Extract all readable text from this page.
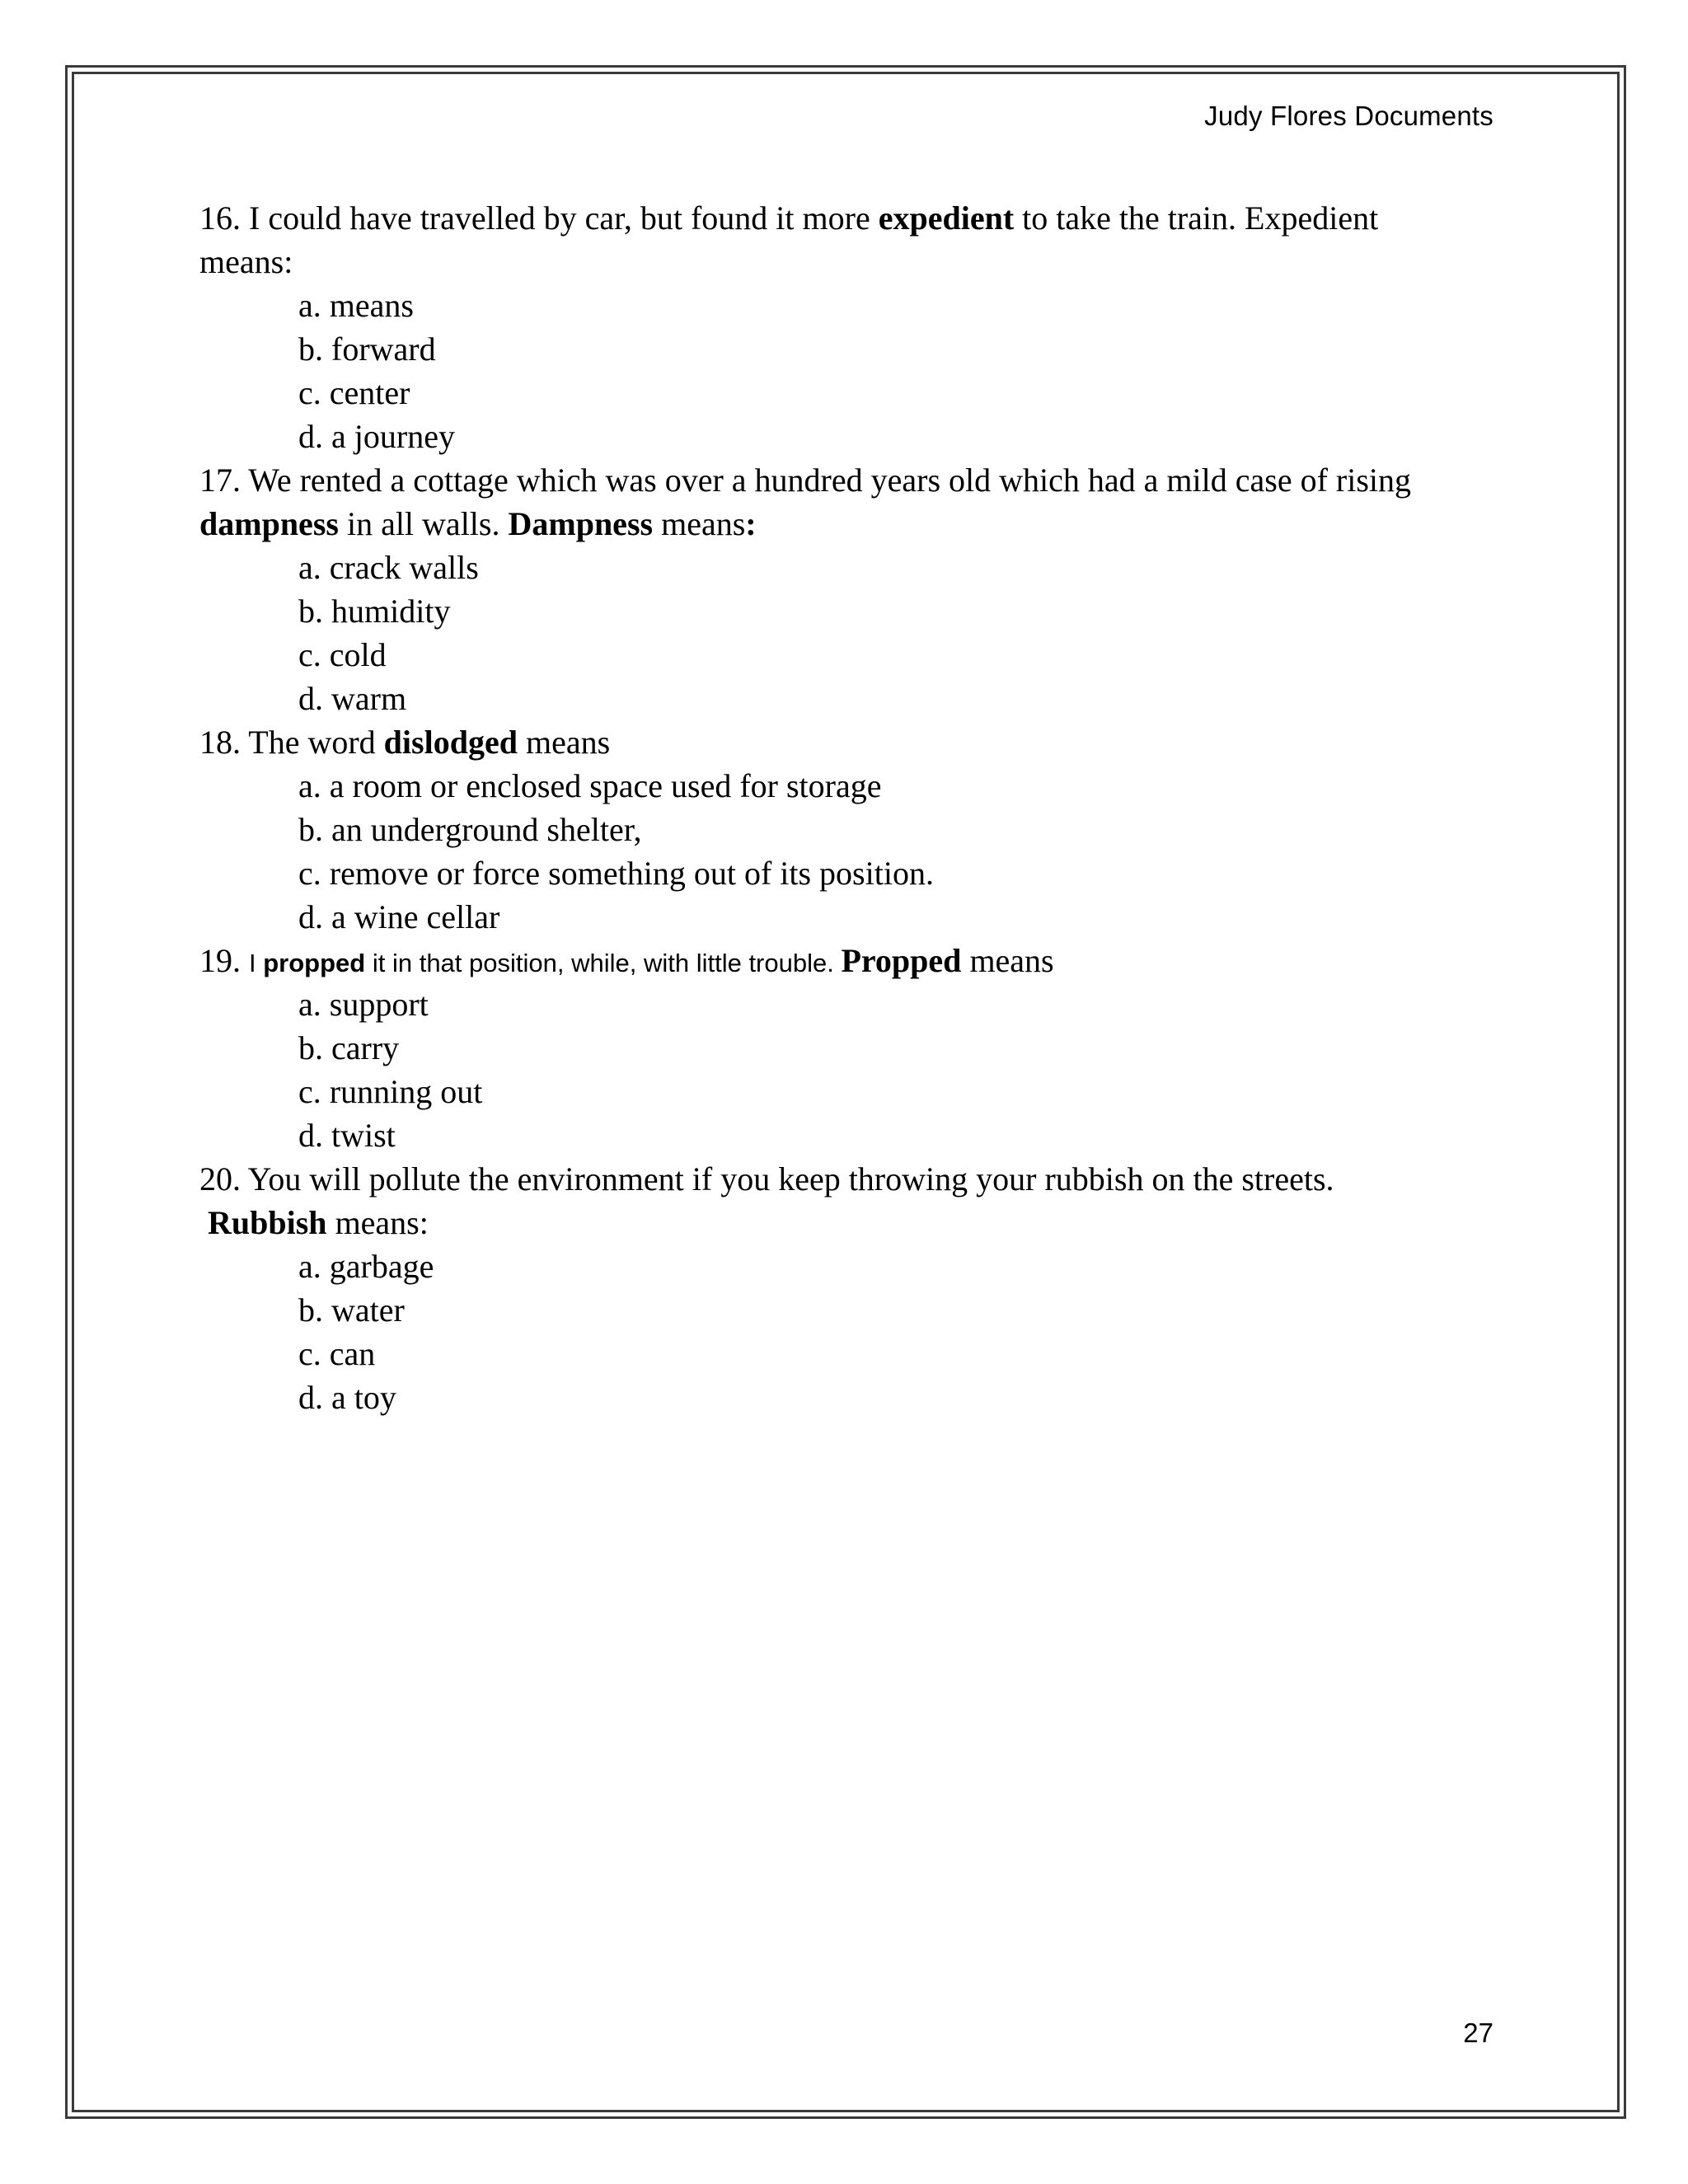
Judy Flores Documents
16. I could have travelled by car, but found it more expedient to take the train. Expedient
means:
a. means
b. forward
c. center
d. a journey
17. We rented a cottage which was over a hundred years old which had a mild case of rising
dampness in all walls. Dampness means:
a. crack walls
b. humidity
c. cold
d. warm
18. The word dislodged means
a. a room or enclosed space used for storage
b. an underground shelter,
c. remove or force something out of its position.
d. a wine cellar
19. I propped it in that position, while, with little trouble. Propped means
a. support
b. carry
c. running out
d. twist
20. You will pollute the environment if you keep throwing your rubbish on the streets.
Rubbish means:
a. garbage
b. water
c. can
d. a toy
27
